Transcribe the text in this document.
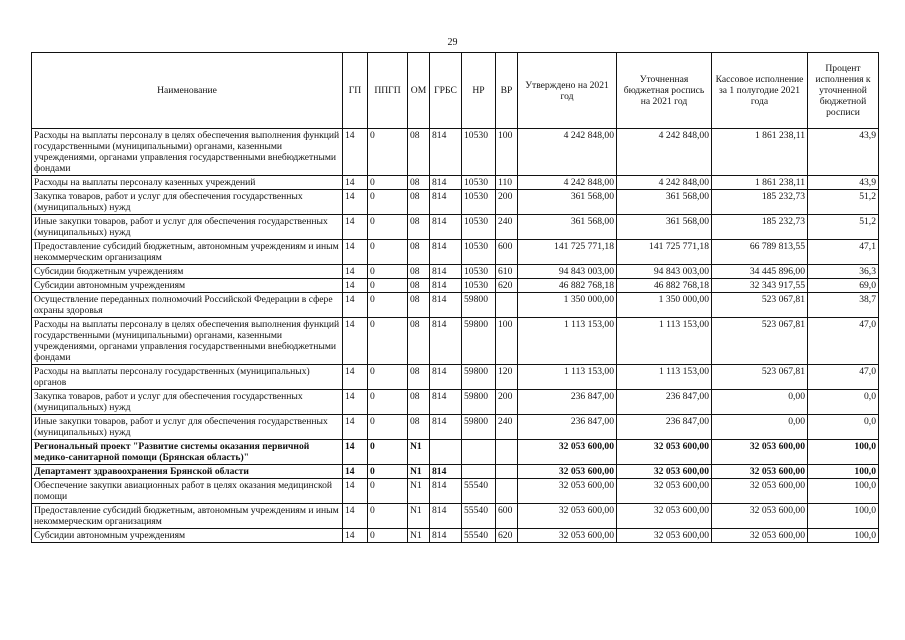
29
Наименование	ГП	ППГП	ОМ	ГРБС	НР	ВР	Утверждено на 2021 год	Уточненная бюджетная роспись на 2021 год	Кассовое исполнение за 1 полугодие 2021 года	Процент исполнения к уточненной бюджетной росписи
Расходы на выплаты персоналу в целях обеспечения выполнения функций государственными (муниципальными) органами, казенными учреждениями, органами управления государственными внебюджетными фондами	14	0	08	814	10530	100	4 242 848,00	4 242 848,00	1 861 238,11	43,9
Расходы на выплаты персоналу казенных учреждений	14	0	08	814	10530	110	4 242 848,00	4 242 848,00	1 861 238,11	43,9
Закупка товаров, работ и услуг для обеспечения государственных (муниципальных) нужд	14	0	08	814	10530	200	361 568,00	361 568,00	185 232,73	51,2
Иные закупки товаров, работ и услуг для обеспечения государственных (муниципальных) нужд	14	0	08	814	10530	240	361 568,00	361 568,00	185 232,73	51,2
Предоставление субсидий бюджетным, автономным учреждениям и иным некоммерческим организациям	14	0	08	814	10530	600	141 725 771,18	141 725 771,18	66 789 813,55	47,1
Субсидии бюджетным учреждениям	14	0	08	814	10530	610	94 843 003,00	94 843 003,00	34 445 896,00	36,3
Субсидии автономным учреждениям	14	0	08	814	10530	620	46 882 768,18	46 882 768,18	32 343 917,55	69,0
Осуществление переданных полномочий Российской Федерации в сфере охраны здоровья	14	0	08	814	59800		1 350 000,00	1 350 000,00	523 067,81	38,7
Расходы на выплаты персоналу в целях обеспечения выполнения функций государственными (муниципальными) органами, казенными учреждениями, органами управления государственными внебюджетными фондами	14	0	08	814	59800	100	1 113 153,00	1 113 153,00	523 067,81	47,0
Расходы на выплаты персоналу государственных (муниципальных) органов	14	0	08	814	59800	120	1 113 153,00	1 113 153,00	523 067,81	47,0
Закупка товаров, работ и услуг для обеспечения государственных (муниципальных) нужд	14	0	08	814	59800	200	236 847,00	236 847,00	0,00	0,0
Иные закупки товаров, работ и услуг для обеспечения государственных (муниципальных) нужд	14	0	08	814	59800	240	236 847,00	236 847,00	0,00	0,0
Региональный проект "Развитие системы оказания первичной медико-санитарной помощи (Брянская область)"	14	0	N1				32 053 600,00	32 053 600,00	32 053 600,00	100,0
Департамент здравоохранения Брянской области	14	0	N1	814			32 053 600,00	32 053 600,00	32 053 600,00	100,0
Обеспечение закупки авиационных работ в целях оказания медицинской помощи	14	0	N1	814	55540		32 053 600,00	32 053 600,00	32 053 600,00	100,0
Предоставление субсидий бюджетным, автономным учреждениям и иным некоммерческим организациям	14	0	N1	814	55540	600	32 053 600,00	32 053 600,00	32 053 600,00	100,0
Субсидии автономным учреждениям	14	0	N1	814	55540	620	32 053 600,00	32 053 600,00	32 053 600,00	100,0
